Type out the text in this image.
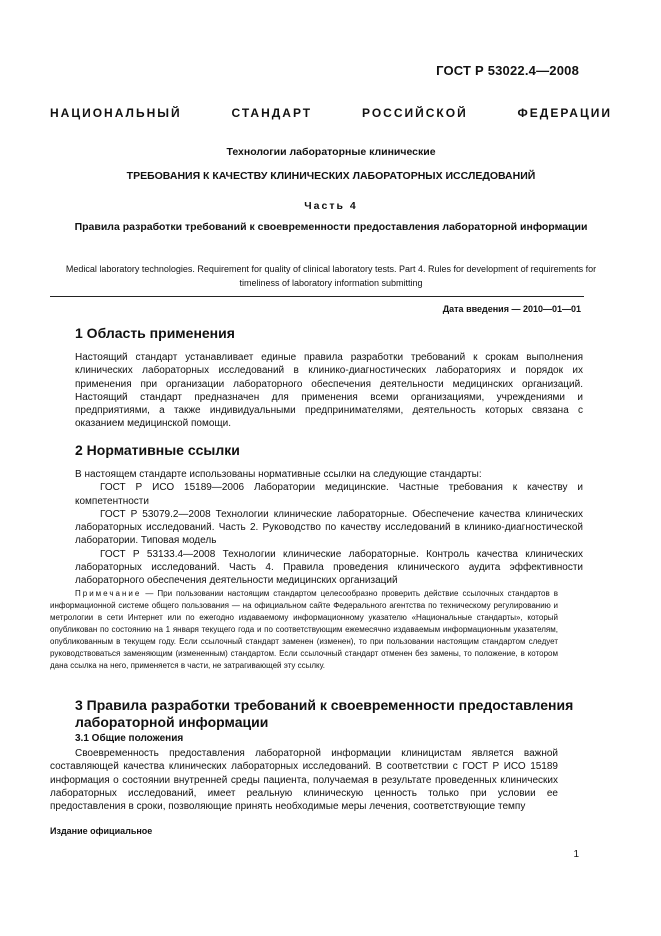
ГОСТ Р 53022.4—2008
НАЦИОНАЛЬНЫЙ СТАНДАРТ РОССИЙСКОЙ ФЕДЕРАЦИИ
Технологии лабораторные клинические
ТРЕБОВАНИЯ К КАЧЕСТВУ КЛИНИЧЕСКИХ ЛАБОРАТОРНЫХ ИССЛЕДОВАНИЙ
Часть 4
Правила разработки требований к своевременности предоставления лабораторной информации
Medical laboratory technologies. Requirement for quality of clinical laboratory tests. Part 4. Rules for development of requirements for timeliness of laboratory information submitting
Дата введения — 2010—01—01
1 Область применения
Настоящий стандарт устанавливает единые правила разработки требований к срокам выполнения клинических лабораторных исследований в клинико-диагностических лабораториях и порядок их применения при организации лабораторного обеспечения деятельности медицинских организаций. Настоящий стандарт предназначен для применения всеми организациями, учреждениями и предприятиями, а также индивидуальными предпринимателями, деятельность которых связана с оказанием медицинской помощи.
2 Нормативные ссылки

В настоящем стандарте использованы нормативные ссылки на следующие стандарты:

ГОСТ Р ИСО 15189—2006 Лаборатории медицинские. Частные требования к качеству и компетентности

ГОСТ Р 53079.2—2008 Технологии клинические лабораторные. Обеспечение качества клинических лабораторных исследований. Часть 2. Руководство по качеству исследований в клинико-диагностической лаборатории. Типовая модель

ГОСТ Р 53133.4—2008 Технологии клинические лабораторные. Контроль качества клинических лабораторных исследований. Часть 4. Правила проведения клинического аудита эффективности лабораторного обеспечения деятельности медицинских организаций

Примечание — При пользовании настоящим стандартом целесообразно проверить действие ссылочных стандартов в информационной системе общего пользования — на официальном сайте Федерального агентства по техническому регулированию и метрологии в сети Интернет или по ежегодно издаваемому информационному указателю «Национальные стандарты», который опубликован по состоянию на 1 января текущего года и по соответствующим ежемесячно издаваемым информационным указателям, опубликованным в текущем году. Если ссылочный стандарт заменен (изменен), то при пользовании настоящим стандартом следует руководствоваться заменяющим (измененным) стандартом. Если ссылочный стандарт отменен без замены, то положение, в котором дана ссылка на него, применяется в части, не затрагивающей эту ссылку.
3 Правила разработки требований к своевременности предоставления лабораторной информации
3.1 Общие положения
Своевременность предоставления лабораторной информации клиницистам является важной составляющей качества клинических лабораторных исследований. В соответствии с ГОСТ Р ИСО 15189 информация о состоянии внутренней среды пациента, получаемая в результате проведенных клинических лабораторных исследований, имеет реальную клиническую ценность только при условии ее предоставления в сроки, позволяющие принять необходимые меры лечения, соответствующие темпу
Издание официальное
1
